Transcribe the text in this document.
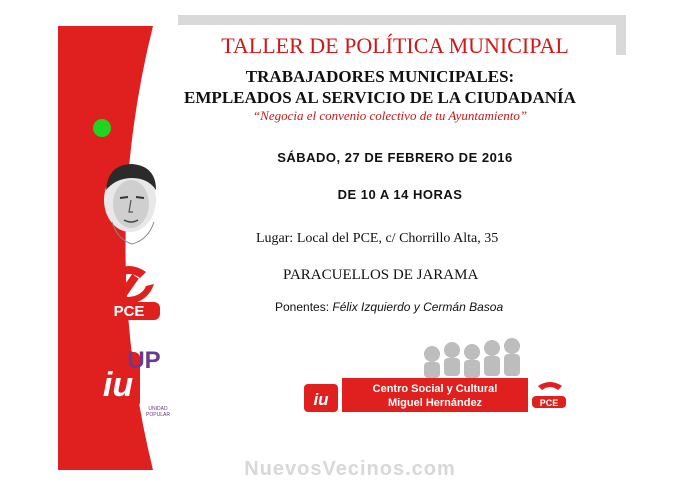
TALLER DE POLÍTICA MUNICIPAL
TRABAJADORES MUNICIPALES:
EMPLEADOS AL SERVICIO DE LA CIUDADANÍA
“Negocia el convenio colectivo de tu Ayuntamiento”
SÁBADO, 27 DE FEBRERO DE 2016
DE 10 A 14 HORAS
Lugar: Local del PCE, c/ Chorrillo Alta, 35
PARACUELLOS DE JARAMA
Ponentes: Félix Izquierdo y Cermán Basoa
PCE
iu
UP
UNIDAD
POPULAR
Izquierda unida
iu
Centro Social y Cultural
Miguel Hernández	PCE
NuevosVecinos.com
